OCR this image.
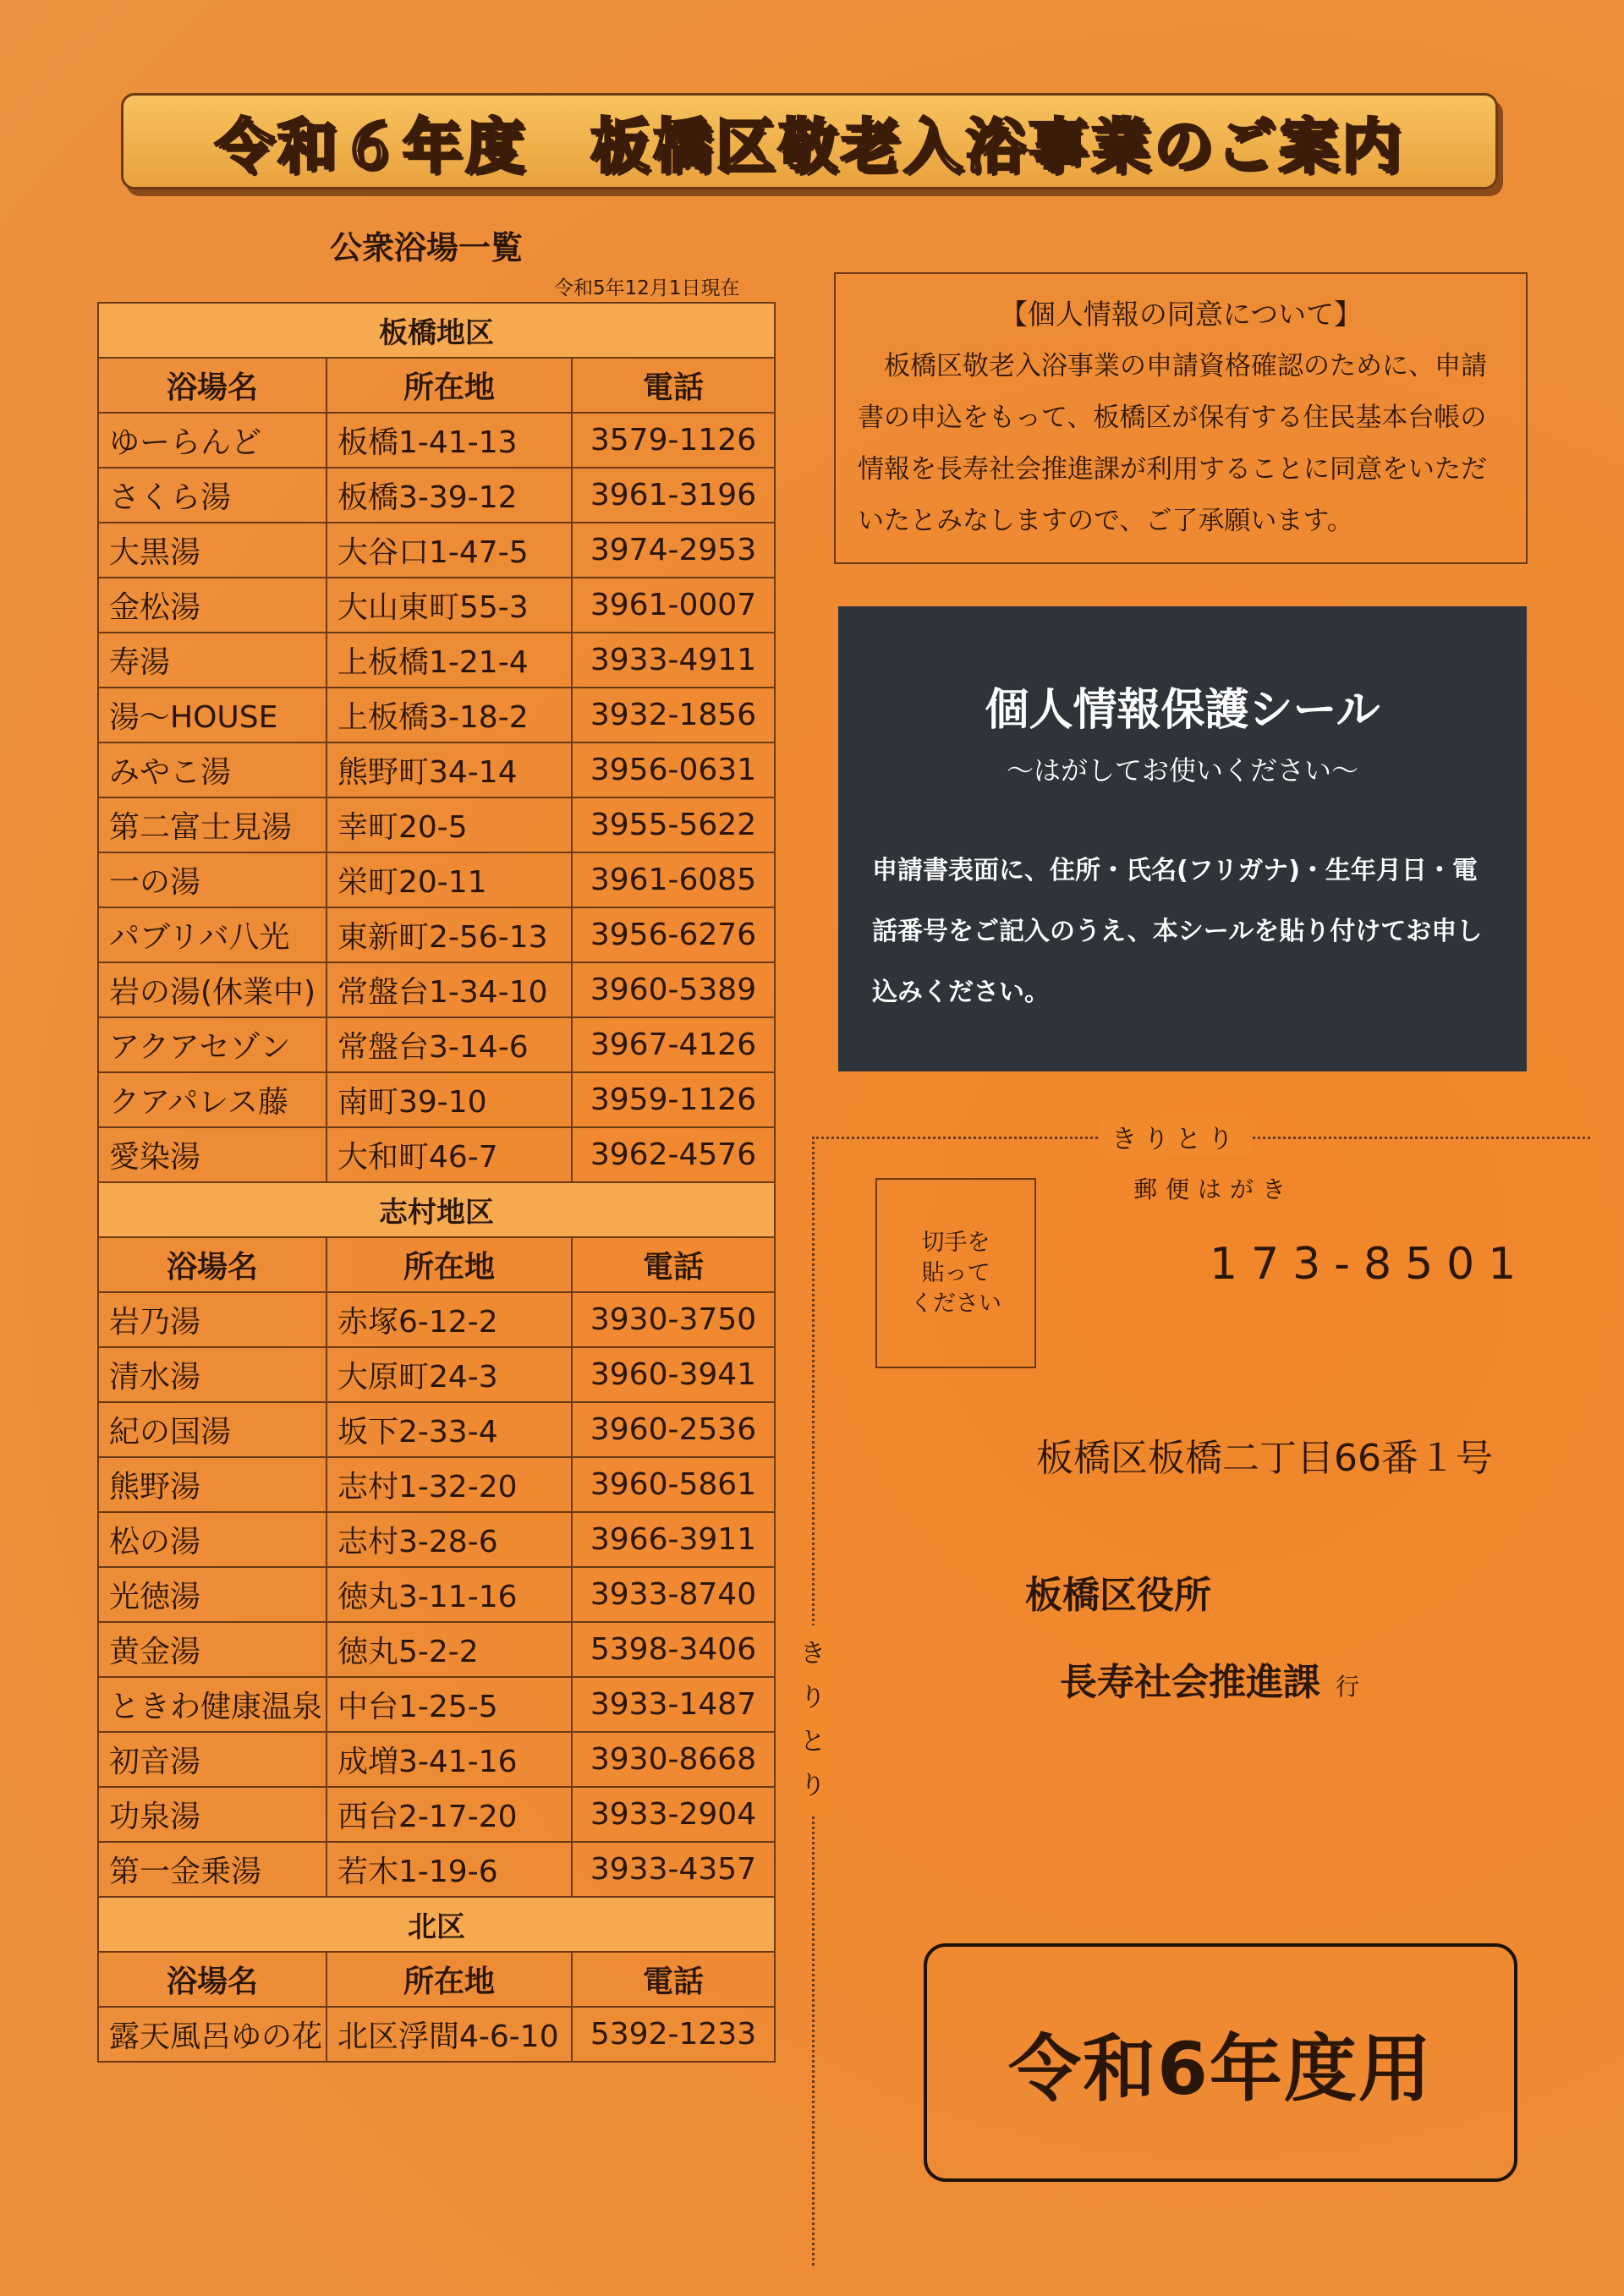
令和６年度　板橋区敬老入浴事業のご案内
公衆浴場一覧
令和5年12月1日現在
板橋地区		
浴場名	所在地	電話
ゆーらんど	板橋1-41-13	3579-1126
さくら湯	板橋3-39-12	3961-3196
大黒湯	大谷口1-47-5	3974-2953
金松湯	大山東町55-3	3961-0007
寿湯	上板橋1-21-4	3933-4911
湯～HOUSE	上板橋3-18-2	3932-1856
みやこ湯	熊野町34-14	3956-0631
第二富士見湯	幸町20-5	3955-5622
一の湯	栄町20-11	3961-6085
パブリバ八光	東新町2-56-13	3956-6276
岩の湯(休業中)	常盤台1-34-10	3960-5389
アクアセゾン	常盤台3-14-6	3967-4126
クアパレス藤	南町39-10	3959-1126
愛染湯	大和町46-7	3962-4576
志村地区		
浴場名	所在地	電話
岩乃湯	赤塚6-12-2	3930-3750
清水湯	大原町24-3	3960-3941
紀の国湯	坂下2-33-4	3960-2536
熊野湯	志村1-32-20	3960-5861
松の湯	志村3-28-6	3966-3911
光徳湯	徳丸3-11-16	3933-8740
黄金湯	徳丸5-2-2	5398-3406
ときわ健康温泉	中台1-25-5	3933-1487
初音湯	成増3-41-16	3930-8668
功泉湯	西台2-17-20	3933-2904
第一金乗湯	若木1-19-6	3933-4357
北区		
浴場名	所在地	電話
露天風呂ゆの花	北区浮間4-6-10	5392-1233
【個人情報の同意について】
　板橋区敬老入浴事業の申請資格確認のために、申請書の申込をもって、板橋区が保有する住民基本台帳の情報を長寿社会推進課が利用することに同意をいただいたとみなしますので、ご了承願います。
個人情報保護シール
～はがしてお使いください～
申請書表面に、住所・氏名(フリガナ)・生年月日・電話番号をご記入のうえ、本シールを貼り付けてお申し込みください。
きりとり
き
り
と
り
郵便はがき
切手を
貼って
ください
173-8501
板橋区板橋二丁目66番１号
板橋区役所
長寿社会推進課 行
令和6年度用
